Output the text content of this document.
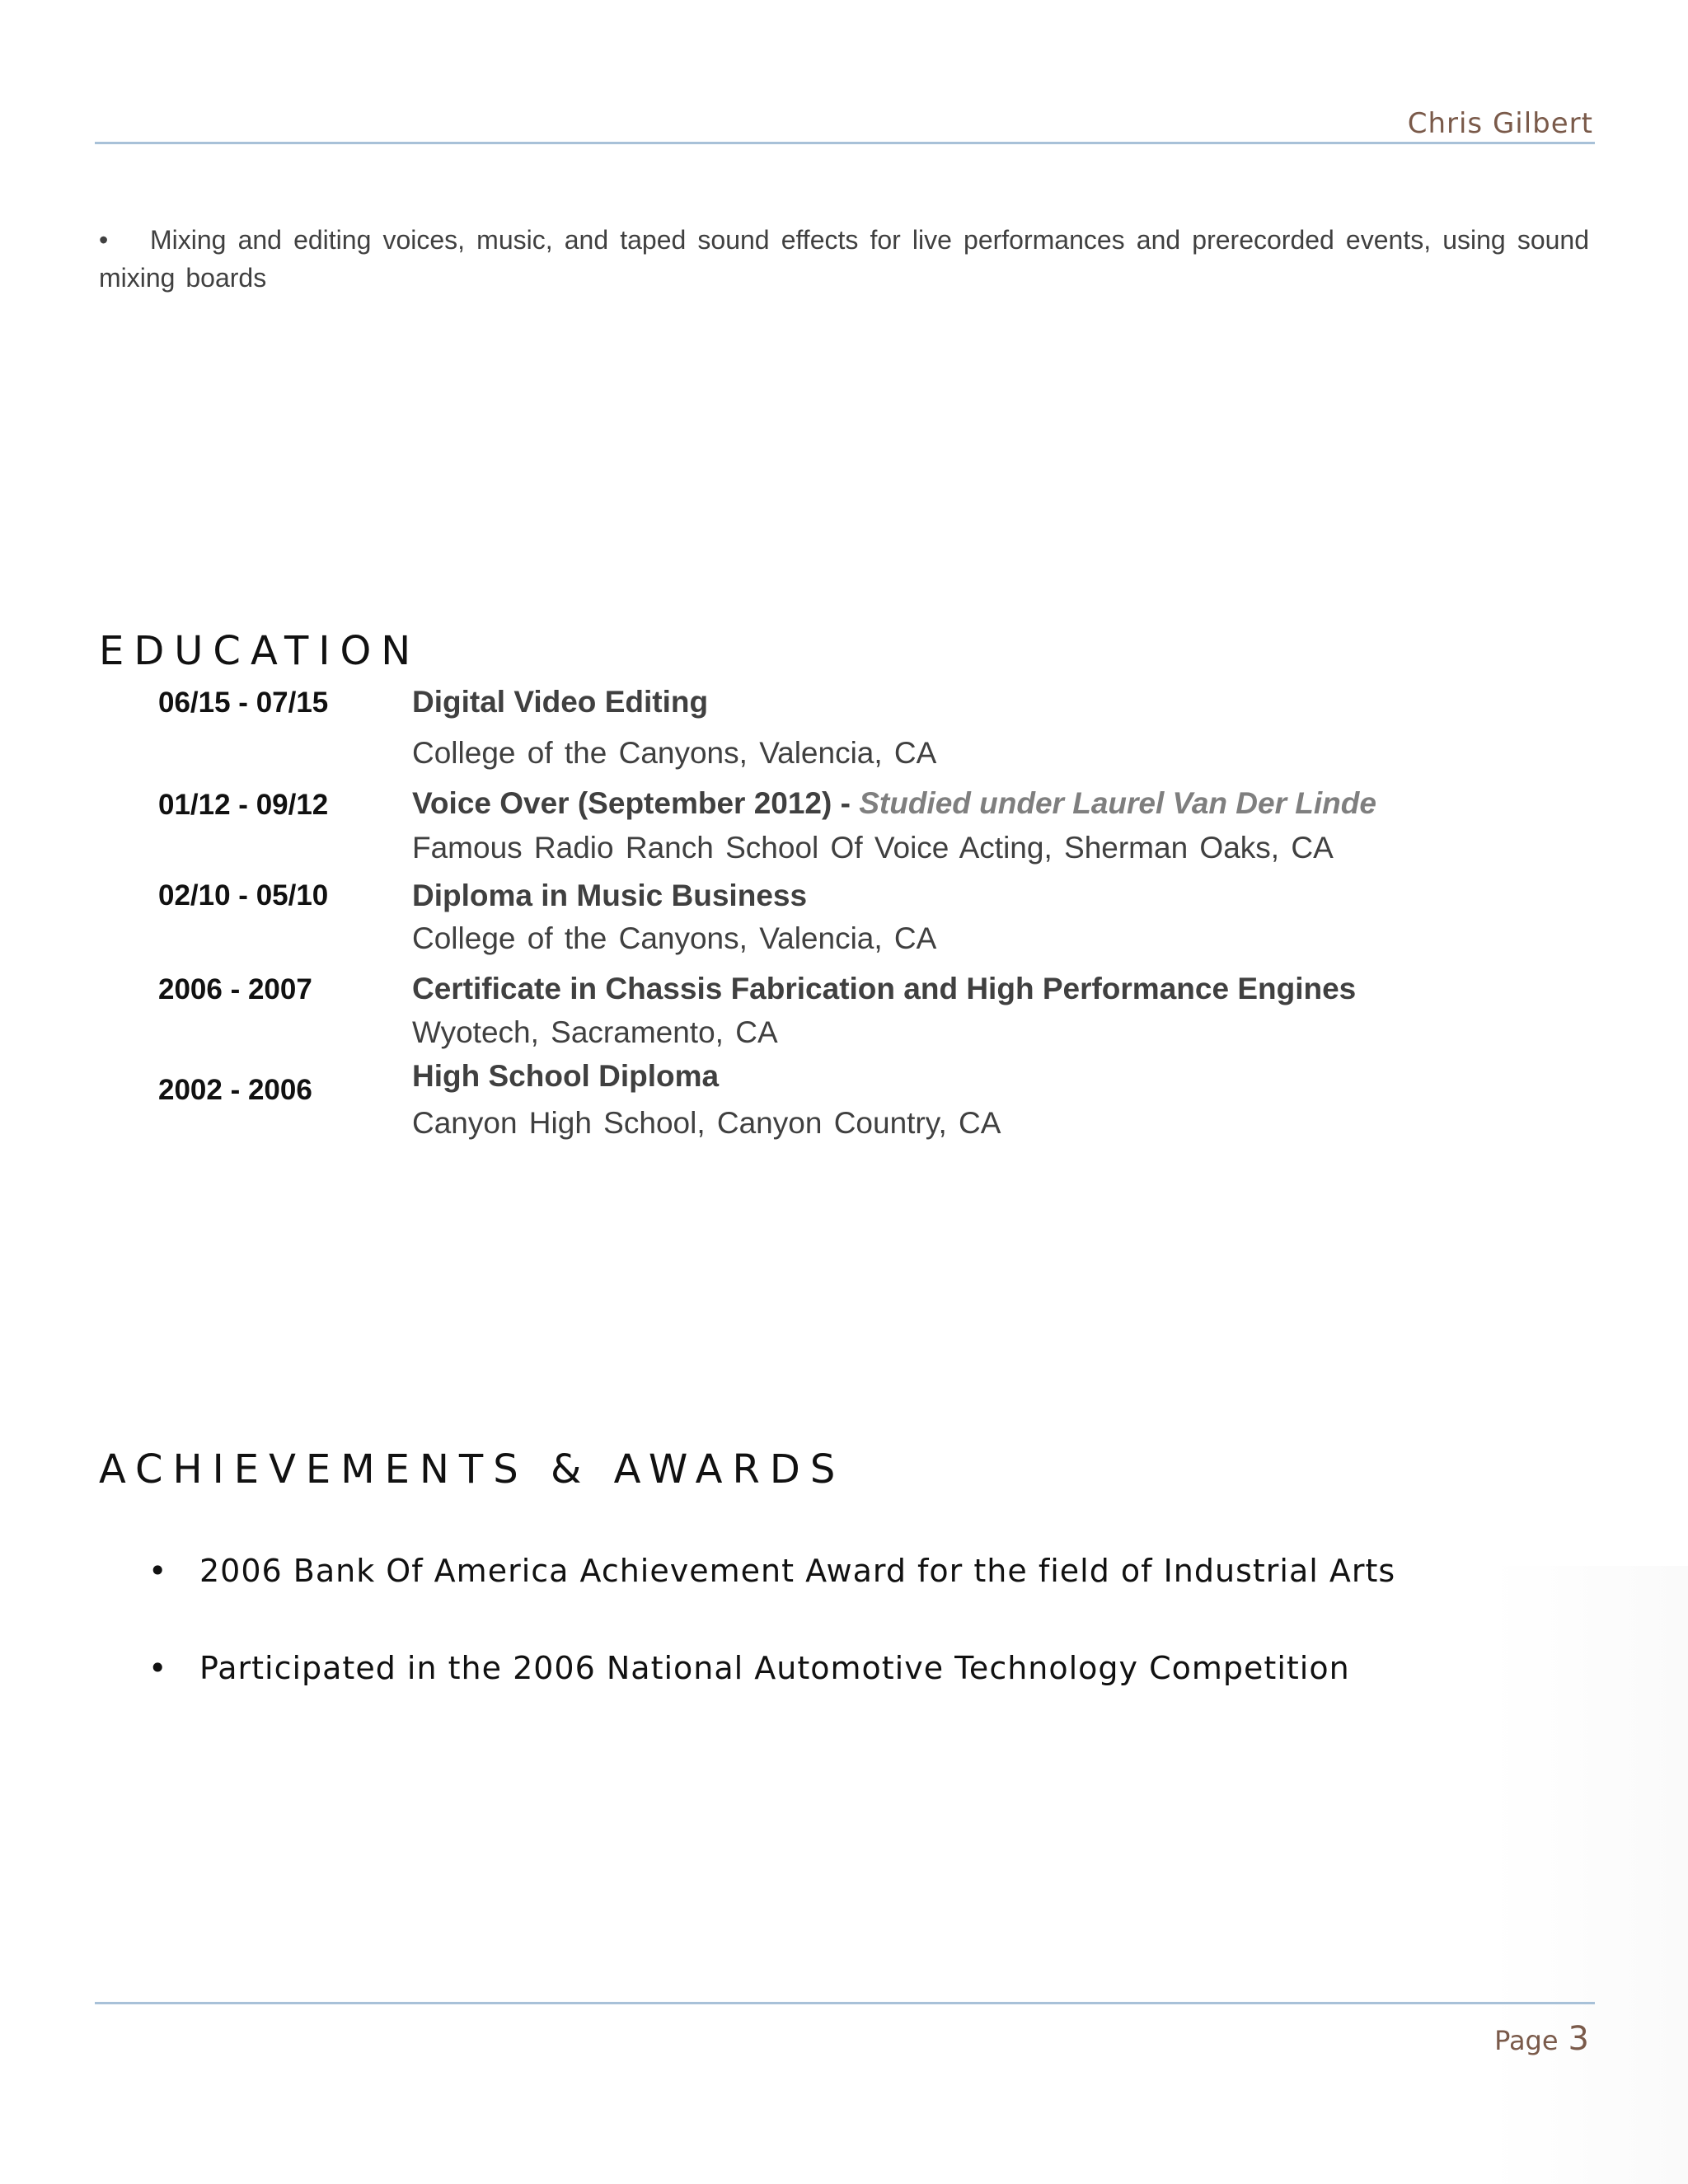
Chris Gilbert
• Mixing and editing voices, music, and taped sound effects for live performances and prerecorded events, using sound mixing boards
EDUCATION
06/15 - 07/15	Digital Video Editing
College of the Canyons, Valencia, CA
01/12 - 09/12	Voice Over (September 2012) - Studied under Laurel Van Der Linde
Famous Radio Ranch School Of Voice Acting, Sherman Oaks, CA
02/10 - 05/10	Diploma in Music Business
College of the Canyons, Valencia, CA
2006 - 2007	Certificate in Chassis Fabrication and High Performance Engines
Wyotech, Sacramento, CA
2002 - 2006	High School Diploma
Canyon High School, Canyon Country, CA
ACHIEVEMENTS & AWARDS
• 2006 Bank Of America Achievement Award for the field of Industrial Arts
• Participated in the 2006 National Automotive Technology Competition
Page 3
